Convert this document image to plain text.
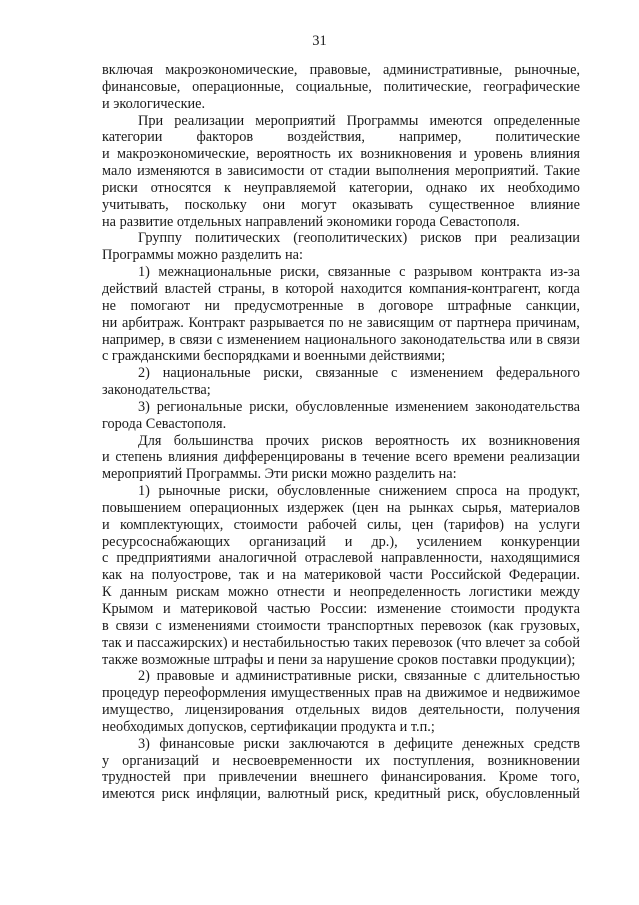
31
включая макроэкономические, правовые, административные, рыночные,
финансовые, операционные, социальные, политические, географические
и экологические.
При реализации мероприятий Программы имеются определенные
категории факторов воздействия, например, политические
и макроэкономические, вероятность их возникновения и уровень влияния
мало изменяются в зависимости от стадии выполнения мероприятий. Такие
риски относятся к неуправляемой категории, однако их необходимо
учитывать, поскольку они могут оказывать существенное влияние
на развитие отдельных направлений экономики города Севастополя.
Группу политических (геополитических) рисков при реализации
Программы можно разделить на:
1) межнациональные риски, связанные с разрывом контракта из-за
действий властей страны, в которой находится компания-контрагент, когда
не помогают ни предусмотренные в договоре штрафные санкции,
ни арбитраж. Контракт разрывается по не зависящим от партнера причинам,
например, в связи с изменением национального законодательства или в связи
с гражданскими беспорядками и военными действиями;
2) национальные риски, связанные с изменением федерального
законодательства;
3) региональные риски, обусловленные изменением законодательства
города Севастополя.
Для большинства прочих рисков вероятность их возникновения
и степень влияния дифференцированы в течение всего времени реализации
мероприятий Программы. Эти риски можно разделить на:
1) рыночные риски, обусловленные снижением спроса на продукт,
повышением операционных издержек (цен на рынках сырья, материалов
и комплектующих, стоимости рабочей силы, цен (тарифов) на услуги
ресурсоснабжающих организаций и др.), усилением конкуренции
с предприятиями аналогичной отраслевой направленности, находящимися
как на полуострове, так и на материковой части Российской Федерации.
К данным рискам можно отнести и неопределенность логистики между
Крымом и материковой частью России: изменение стоимости продукта
в связи с изменениями стоимости транспортных перевозок (как грузовых,
так и пассажирских) и нестабильностью таких перевозок (что влечет за собой
также возможные штрафы и пени за нарушение сроков поставки продукции);
2) правовые и административные риски, связанные с длительностью
процедур переоформления имущественных прав на движимое и недвижимое
имущество, лицензирования отдельных видов деятельности, получения
необходимых допусков, сертификации продукта и т.п.;
3) финансовые риски заключаются в дефиците денежных средств
у организаций и несвоевременности их поступления, возникновении
трудностей при привлечении внешнего финансирования. Кроме того,
имеются риск инфляции, валютный риск, кредитный риск, обусловленный
